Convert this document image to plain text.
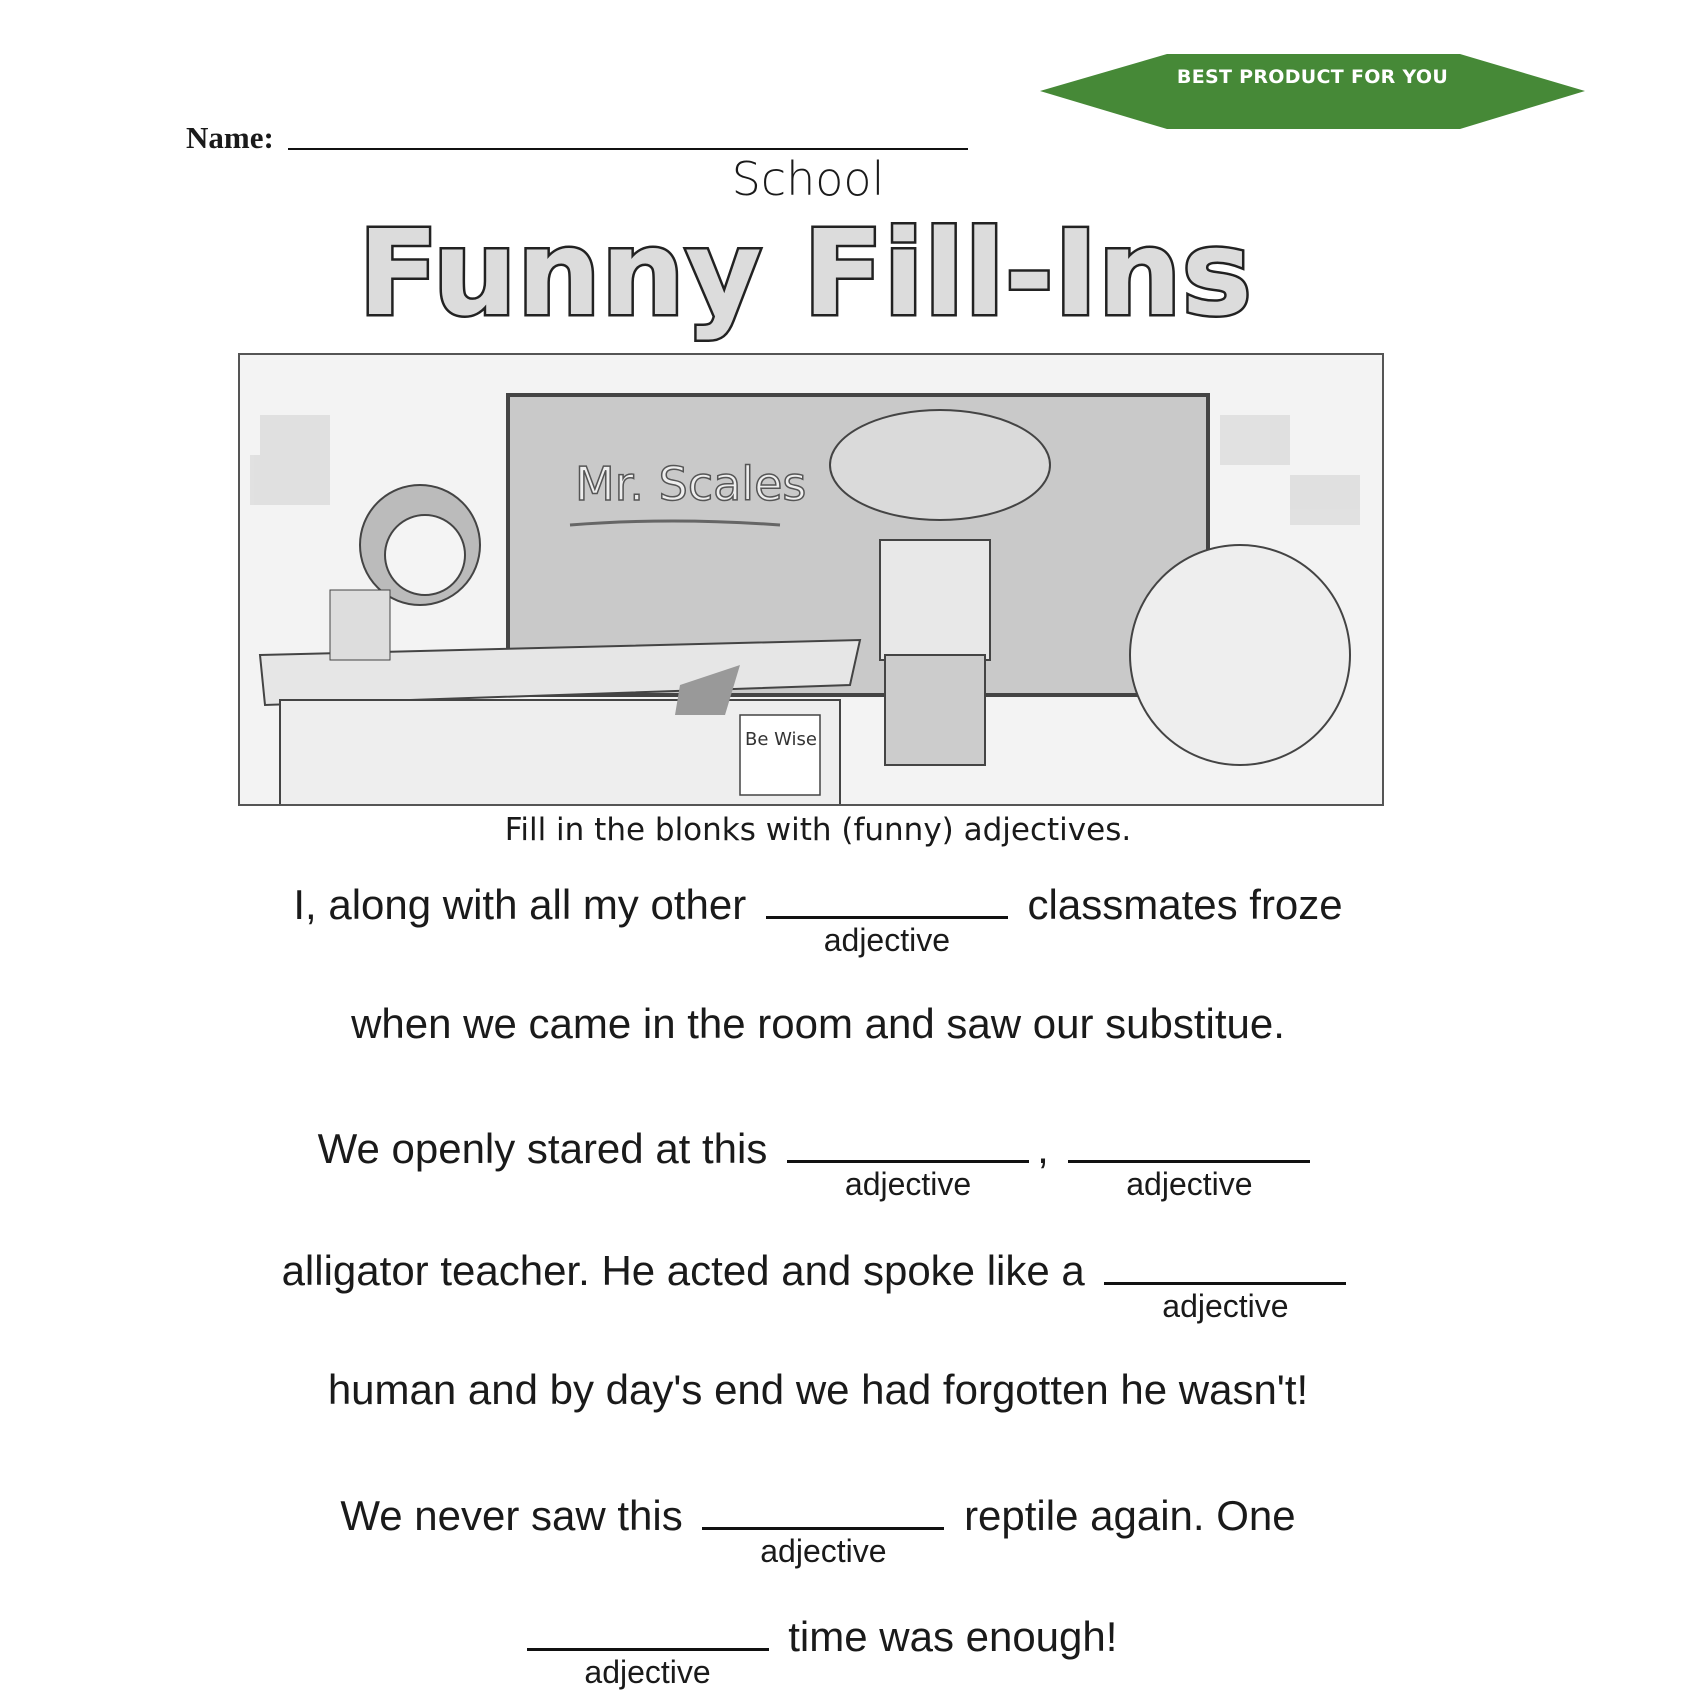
BEST PRODUCT FOR YOU
Name:
School
Funny Fill-Ins
Mr. Scales
Be Wise
Fill in the blonks with (funny) adjectives.
I, along with all my other
adjective
classmates froze
when we came in the room and saw our substitue.
We openly stared at this
adjective
,
adjective
alligator teacher. He acted and spoke like a
adjective
human and by day's end we had forgotten he wasn't!
We never saw this
adjective
reptile again. One
adjective
time was enough!
